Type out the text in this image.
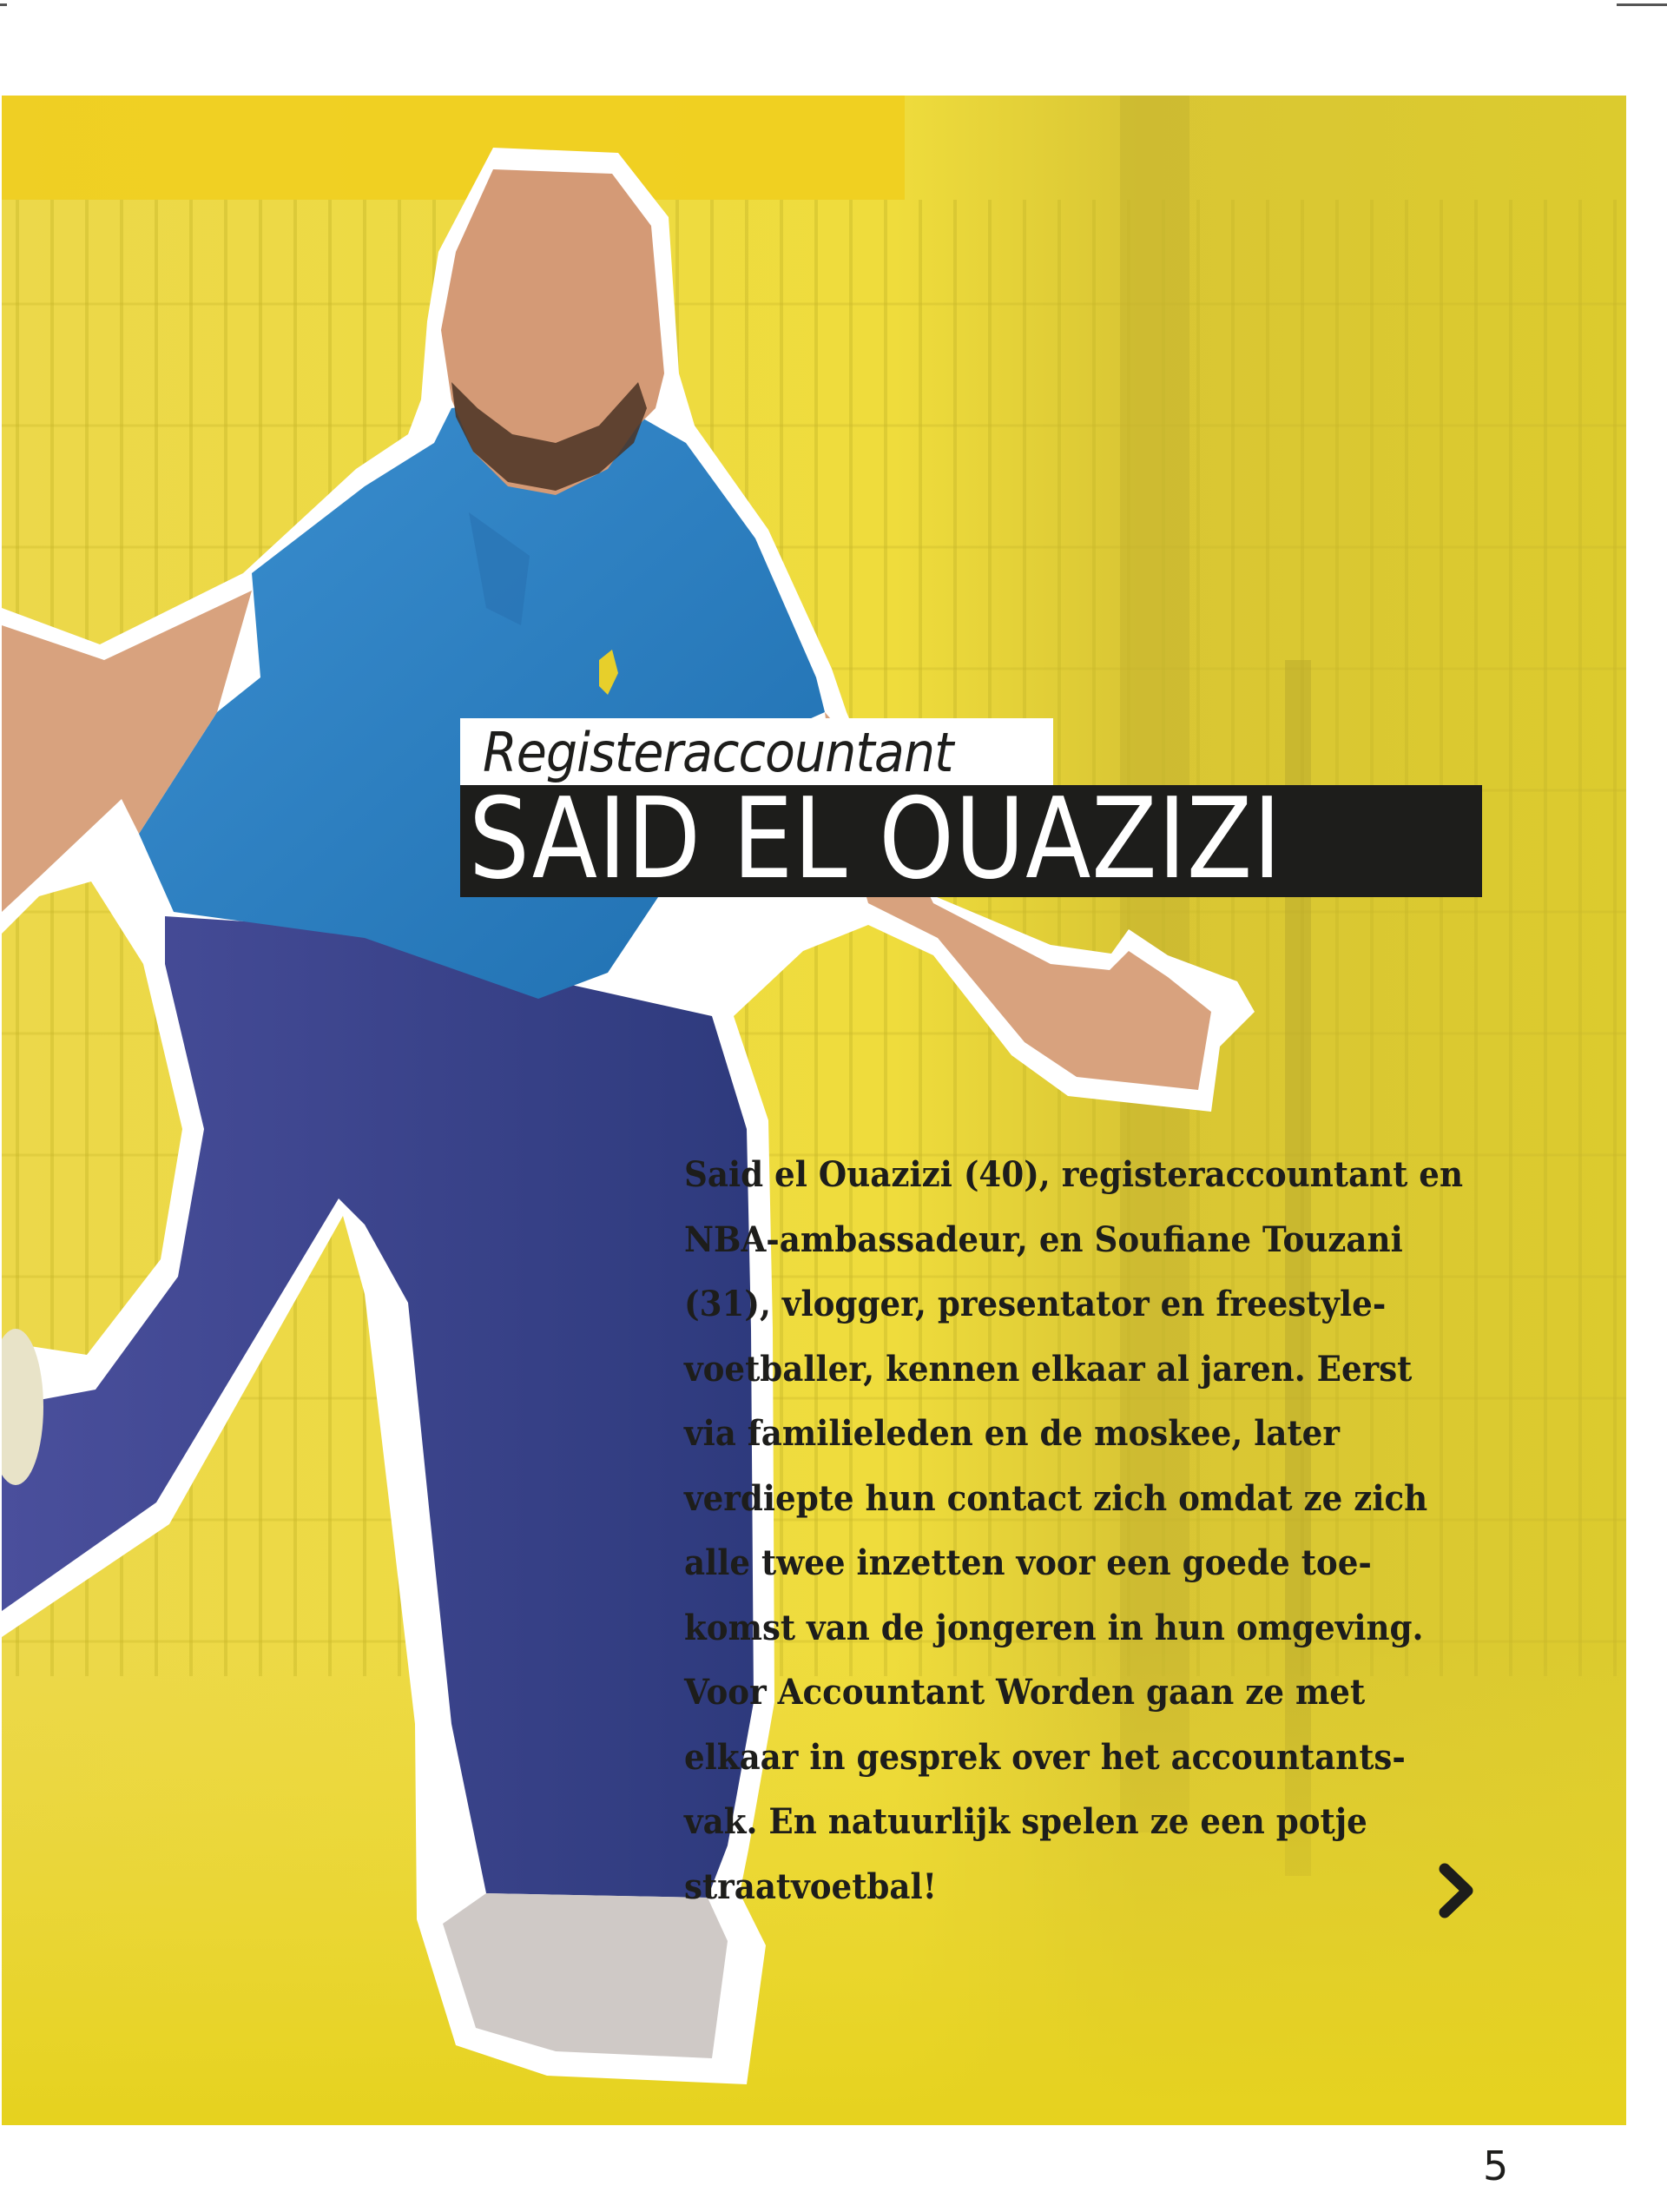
Registeraccountant
SAID EL OUAZIZI
Said el Ouazizi (40), registeraccountant en
NBA-ambassadeur, en Soufiane Touzani
(31), vlogger, presentator en freestyle-
voetballer, kennen elkaar al jaren. Eerst
via familieleden en de moskee, later
verdiepte hun contact zich omdat ze zich
alle twee inzetten voor een goede toe-
komst van de jongeren in hun omgeving.
Voor Accountant Worden gaan ze met
elkaar in gesprek over het accountants-
vak. En natuurlijk spelen ze een potje
straatvoetbal!
5
